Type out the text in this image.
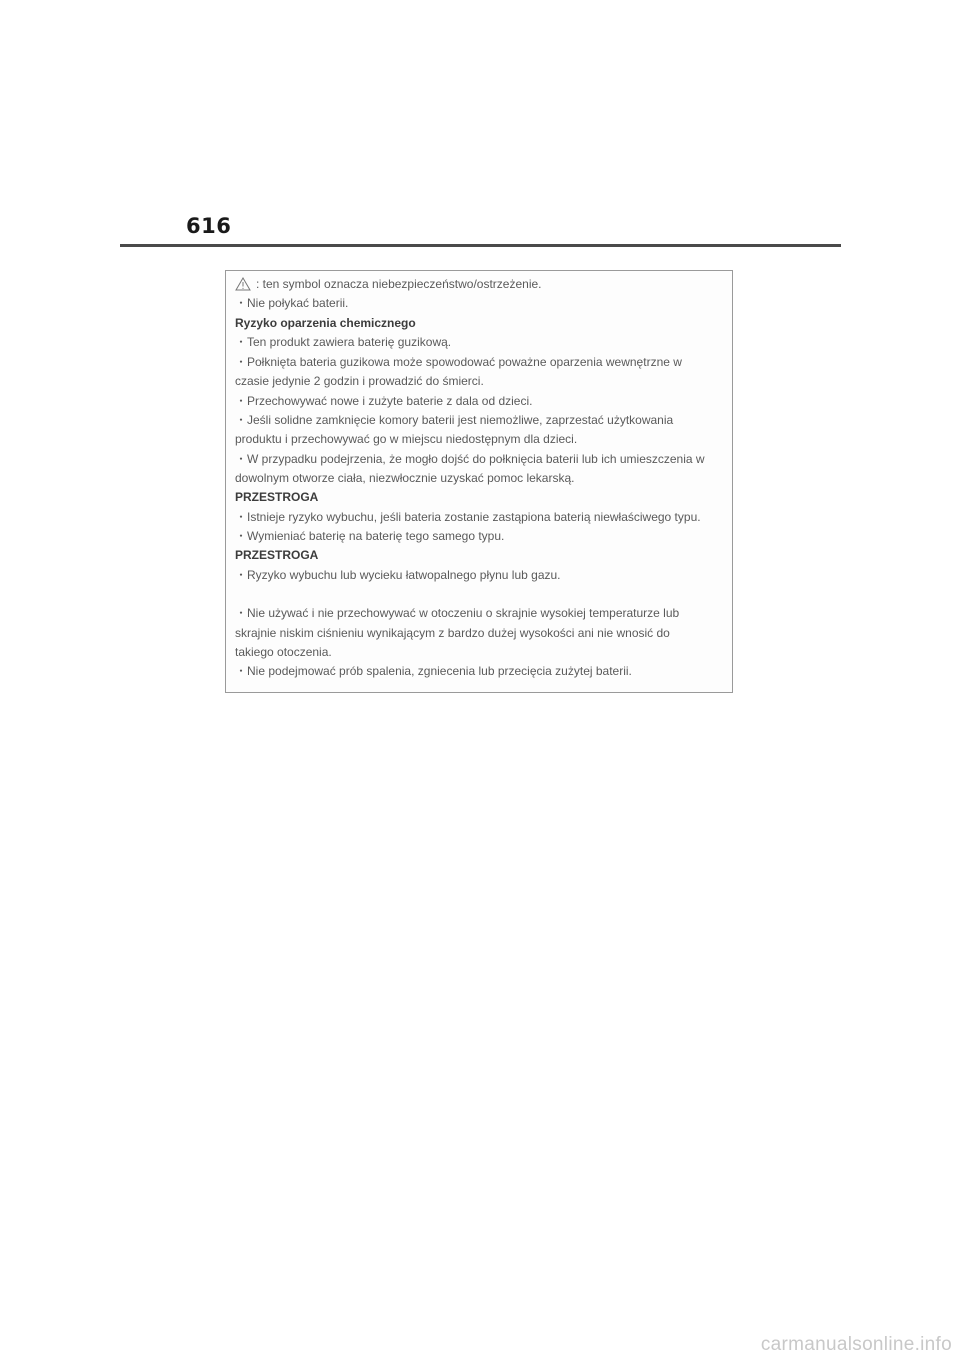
616
: ten symbol oznacza niebezpieczeństwo/ostrzeżenie.
・Nie połykać baterii.
Ryzyko oparzenia chemicznego
・Ten produkt zawiera baterię guzikową.
・Połknięta bateria guzikowa może spowodować poważne oparzenia wewnętrzne w
czasie jedynie 2 godzin i prowadzić do śmierci.
・Przechowywać nowe i zużyte baterie z dala od dzieci.
・Jeśli solidne zamknięcie komory baterii jest niemożliwe, zaprzestać użytkowania
produktu i przechowywać go w miejscu niedostępnym dla dzieci.
・W przypadku podejrzenia, że mogło dojść do połknięcia baterii lub ich umieszczenia w
dowolnym otworze ciała, niezwłocznie uzyskać pomoc lekarską.
PRZESTROGA
・Istnieje ryzyko wybuchu, jeśli bateria zostanie zastąpiona baterią niewłaściwego typu.
・Wymieniać baterię na baterię tego samego typu.
PRZESTROGA
・Ryzyko wybuchu lub wycieku łatwopalnego płynu lub gazu.
・Nie używać i nie przechowywać w otoczeniu o skrajnie wysokiej temperaturze lub
skrajnie niskim ciśnieniu wynikającym z bardzo dużej wysokości ani nie wnosić do
takiego otoczenia.
・Nie podejmować prób spalenia, zgniecenia lub przecięcia zużytej baterii.
carmanualsonline.info
